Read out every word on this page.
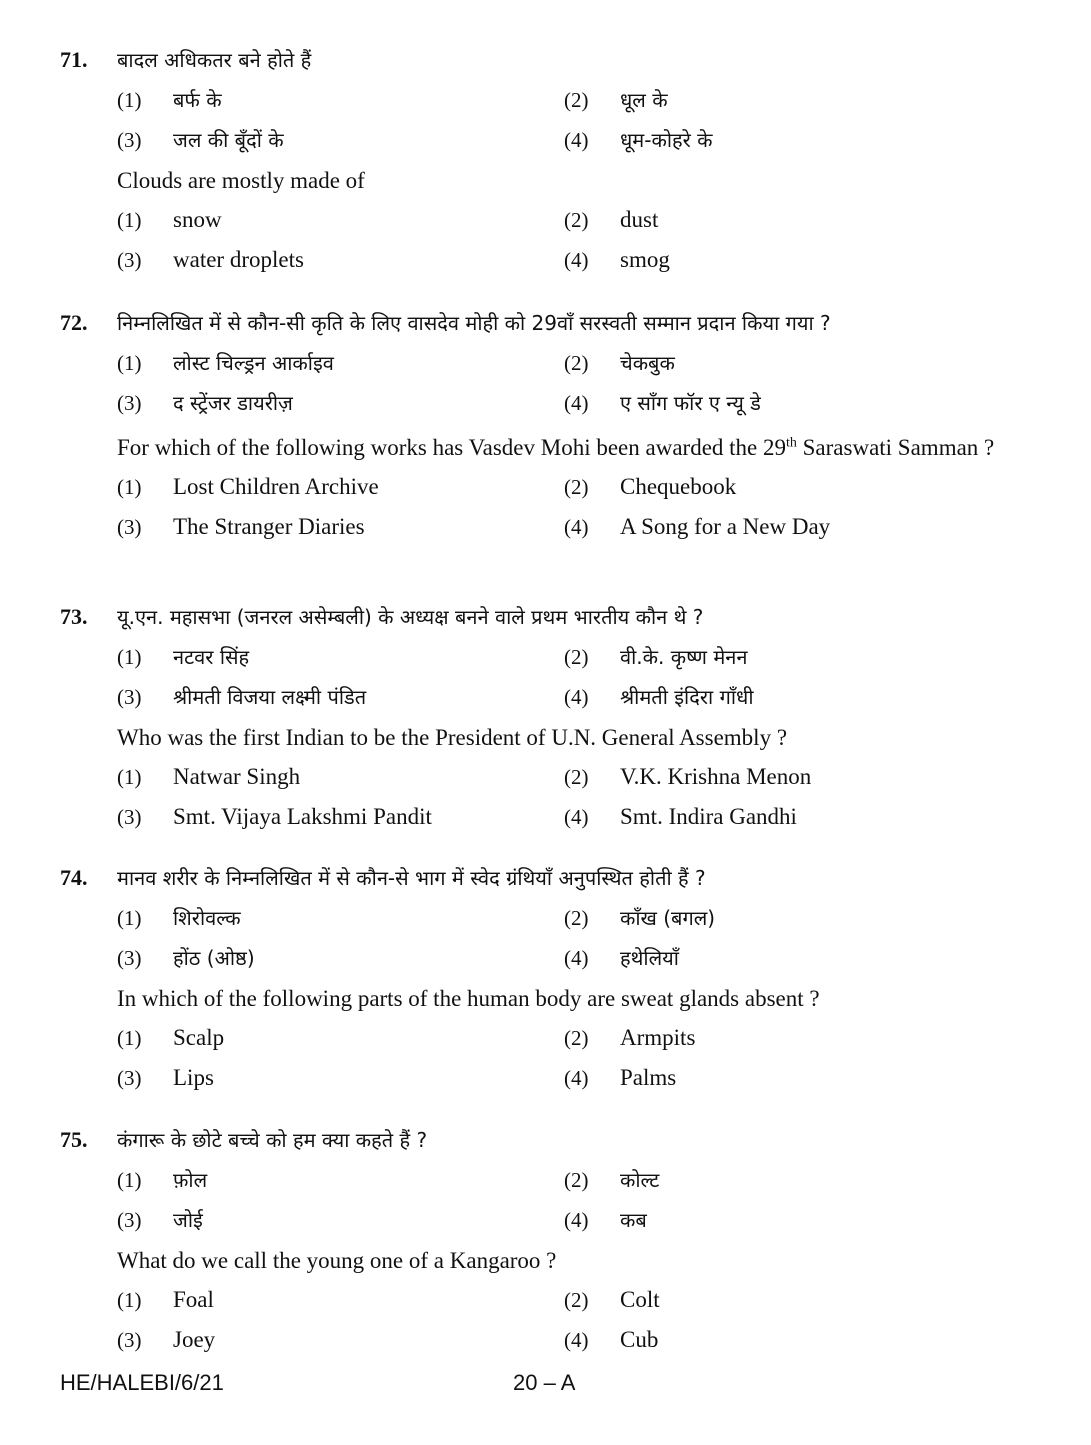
71. बादल अधिकतर बने होते हैं
(1) बर्फ के	(2) धूल के
(3) जल की बूँदों के	(4) धूम-कोहरे के
Clouds are mostly made of
(1) snow	(2) dust
(3) water droplets	(4) smog
72. निम्नलिखित में से कौन-सी कृति के लिए वासदेव मोही को 29वाँ सरस्वती सम्मान प्रदान किया गया ?
(1) लोस्ट चिल्ड्रन आर्काइव	(2) चेकबुक
(3) द स्ट्रेंजर डायरीज़	(4) ए साँग फॉर ए न्यू डे
For which of the following works has Vasdev Mohi been awarded the 29th Saraswati Samman ?
(1) Lost Children Archive	(2) Chequebook
(3) The Stranger Diaries	(4) A Song for a New Day
73. यू.एन. महासभा (जनरल असेम्बली) के अध्यक्ष बनने वाले प्रथम भारतीय कौन थे ?
(1) नटवर सिंह	(2) वी.के. कृष्ण मेनन
(3) श्रीमती विजया लक्ष्मी पंडित	(4) श्रीमती इंदिरा गाँधी
Who was the first Indian to be the President of U.N. General Assembly ?
(1) Natwar Singh	(2) V.K. Krishna Menon
(3) Smt. Vijaya Lakshmi Pandit	(4) Smt. Indira Gandhi
74. मानव शरीर के निम्नलिखित में से कौन-से भाग में स्वेद ग्रंथियाँ अनुपस्थित होती हैं ?
(1) शिरोवल्क	(2) काँख (बगल)
(3) होंठ (ओष्ठ)	(4) हथेलियाँ
In which of the following parts of the human body are sweat glands absent ?
(1) Scalp	(2) Armpits
(3) Lips	(4) Palms
75. कंगारू के छोटे बच्चे को हम क्या कहते हैं ?
(1) फ़ोल	(2) कोल्ट
(3) जोई	(4) कब
What do we call the young one of a Kangaroo ?
(1) Foal	(2) Colt
(3) Joey	(4) Cub
HE/HALEBI/6/21	20 – A
